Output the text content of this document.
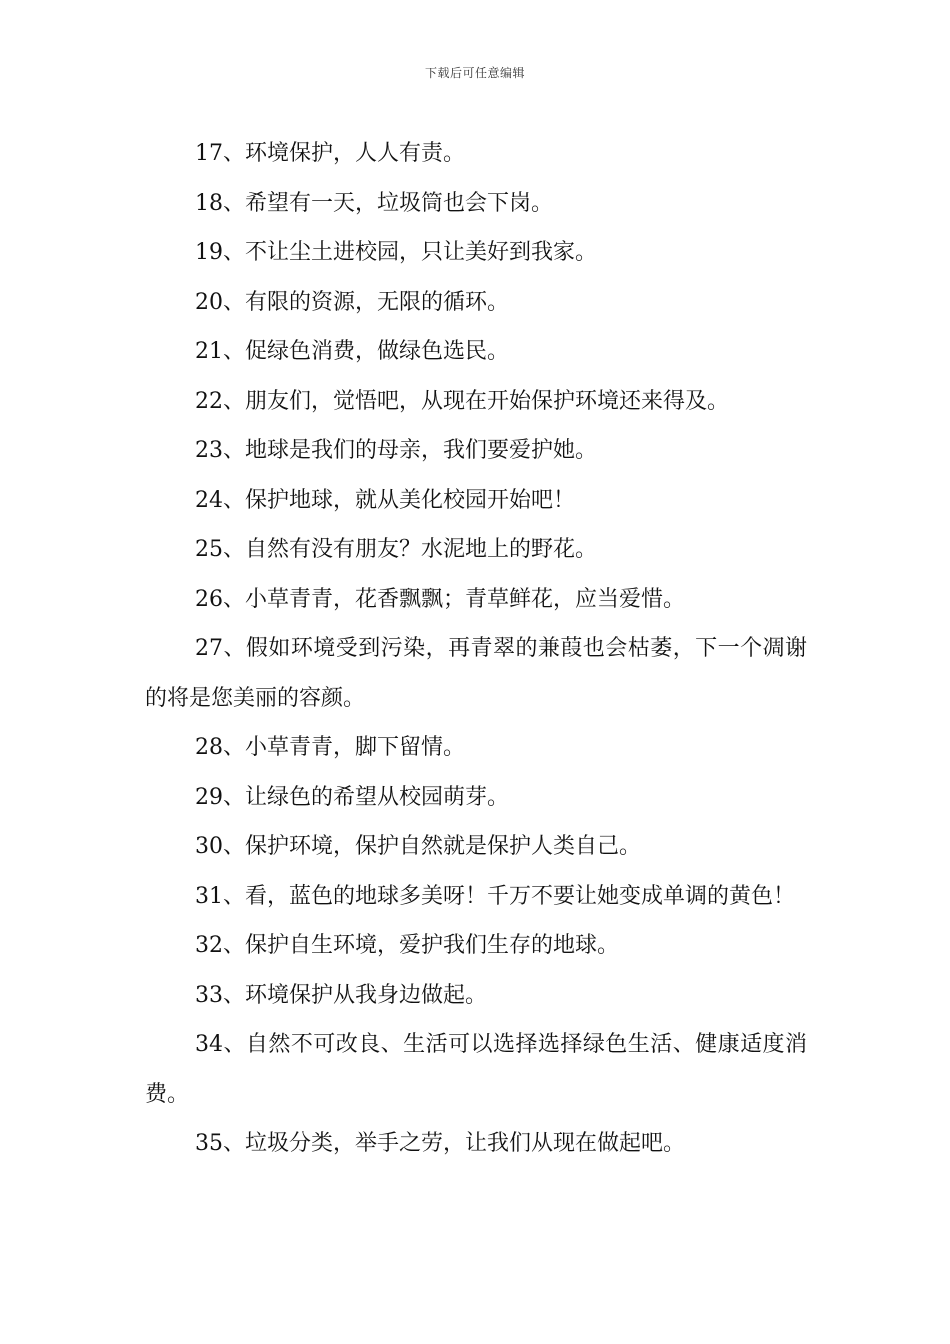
下载后可任意编辑

17、环境保护，人人有责。

18、希望有一天，垃圾筒也会下岗。

19、不让尘土进校园，只让美好到我家。

20、有限的资源，无限的循环。

21、促绿色消费，做绿色选民。

22、朋友们，觉悟吧，从现在开始保护环境还来得及。

23、地球是我们的母亲，我们要爱护她。

24、保护地球，就从美化校园开始吧！

25、自然有没有朋友？水泥地上的野花。

26、小草青青，花香飘飘；青草鲜花，应当爱惜。

27、假如环境受到污染，再青翠的兼葭也会枯萎，下一个凋谢的将是您美丽的容颜。

28、小草青青，脚下留情。

29、让绿色的希望从校园萌芽。

30、保护环境，保护自然就是保护人类自己。

31、看，蓝色的地球多美呀！千万不要让她变成单调的黄色！

32、保护自生环境，爱护我们生存的地球。

33、环境保护从我身边做起。

34、自然不可改良、生活可以选择选择绿色生活、健康适度消费。

35、垃圾分类，举手之劳，让我们从现在做起吧。
